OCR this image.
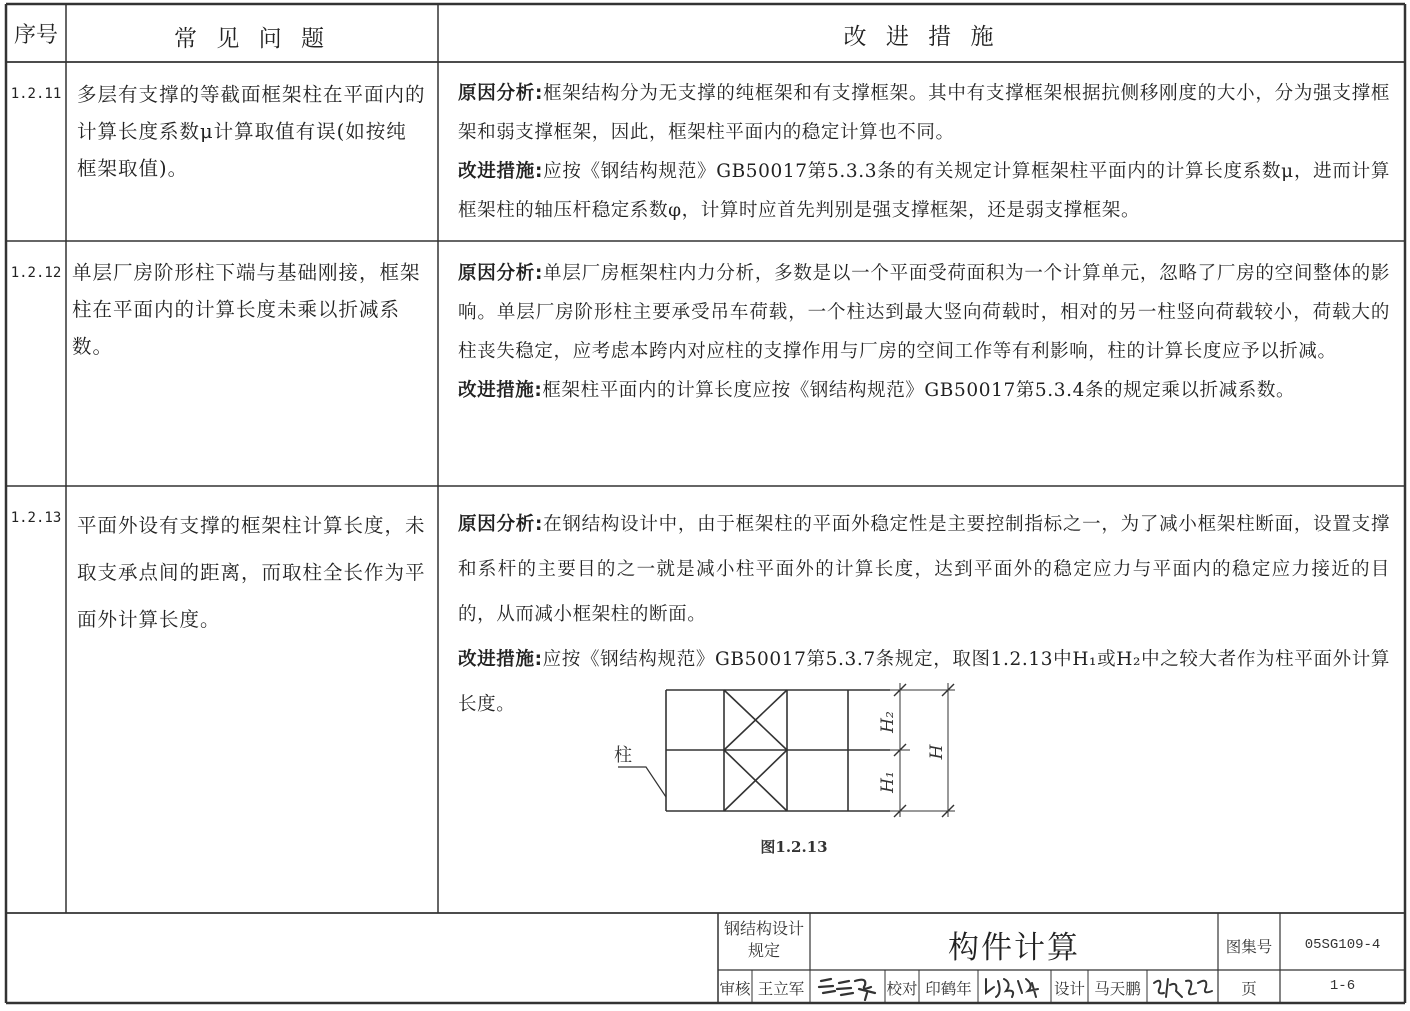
序号	常 见 问 题	改 进 措 施
1.2.11 多层有支撑的等截面框架柱在平面内的计算长度系数μ计算取值有误(如按纯框架取值)。

原因分析:框架结构分为无支撑的纯框架和有支撑框架。其中有支撑框架根据抗侧移刚度的大小，分为强支撑框架和弱支撑框架，因此，框架柱平面内的稳定计算也不同。

改进措施:应按《钢结构规范》GB50017第5.3.3条的有关规定计算框架柱平面内的计算长度系数μ，进而计算框架柱的轴压杆稳定系数φ，计算时应首先判别是强支撑框架，还是弱支撑框架。

1.2.12 单层厂房阶形柱下端与基础刚接，框架柱在平面内的计算长度未乘以折减系数。

原因分析:单层厂房框架柱内力分析，多数是以一个平面受荷面积为一个计算单元，忽略了厂房的空间整体的影响。单层厂房阶形柱主要承受吊车荷载，一个柱达到最大竖向荷载时，相对的另一柱竖向荷载较小，荷载大的柱丧失稳定，应考虑本跨内对应柱的支撑作用与厂房的空间工作等有利影响，柱的计算长度应予以折减。

改进措施:框架柱平面内的计算长度应按《钢结构规范》GB50017第5.3.4条的规定乘以折减系数。

1.2.13 平面外设有支撑的框架柱计算长度，未取支承点间的距离，而取柱全长作为平面外计算长度。

原因分析:在钢结构设计中，由于框架柱的平面外稳定性是主要控制指标之一，为了减小框架柱断面，设置支撑和系杆的主要目的之一就是减小柱平面外的计算长度，达到平面外的稳定应力与平面内的稳定应力接近的目的，从而减小框架柱的断面。

改进措施:应按《钢结构规范》GB50017第5.3.7条规定，取图1.2.13中H₁或H₂中之较大者作为柱平面外计算长度。

柱
H₂
H₁
H
图1.2.13
钢结构设计规定	构件计算	图集号	05SG109-4
审核 王立军	校对 印鹤年	设计 马天鹏	页	1-6
